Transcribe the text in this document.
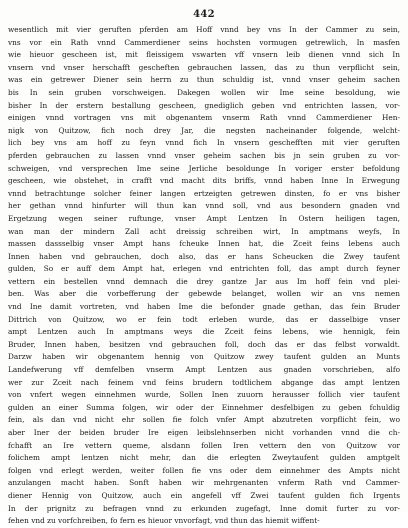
442
wesentlich mit vier geruften pferden am Hoff vnnd bey vns In der Cammer zu sein,
vns vor ein Rath vnnd Cammerdiener seins hochsten vormugen getrewlich, In masfen
wie hieuor gescheen ist, mit fleissigem vswarten vff vnsern leib dienen vnnd sich In
vnsern vnd vnser herschafft gescheften gebrauchen lassen, das zu thun verpflicht sein,
was ein getrewer Diener sein herrn zu thun schuldig ist, vnnd vnser geheim sachen
bis In sein gruben vorschweigen. Dakegen wollen wir Ime seine besoldung, wie
bisher In der erstern bestallung gescheen, gnediglich geben vnd entrichten lassen, vor-
einigen vnnd vortragen vns mit obgenantem vnserm Rath vnnd Cammerdiener Hen-
nigk von Quitzow, fich noch drey Jar, die negsten nacheinander folgende, welcht-
lich bey vns am hoff zu feyn vnnd fich In vnsern geschefften mit vier geruften
pferden gebrauchen zu lassen vnnd vnser geheim sachen bis jn sein gruben zu vor-
schweigen, vnd versprechen Ime seine Jerliche besoldunge In voriger erster befoldung
gescheen, wie obstehet, in crafft vnd macht dits briffs, vnnd haben Inne In Erwegung
vnnd betrachtunge solcher feiner langen ertzeigten getrewen dinsten, fo er vns bisher
her gethan vnnd hinfurter will thun kan vnnd soll, vnd aus besondern gnaden vnd
Ergetzung wegen seiner ruftunge, vnser Ampt Lentzen In Ostern heiligen tagen,
wan man der mindern Zall acht dreissig schreiben wirt, In amptmans weyfs, In
massen dassselbig vnser Ampt hans fcheuke Innen hat, die Zceit feins lebens auch
Innen haben vnd gebrauchen, doch also, das er hans Scheucken die Zwey taufent
gulden, So er auff dem Ampt hat, erlegen vnd entrichten foll, das ampt durch feyner
vettern ein bestellen vnnd demnach die drey gantze Jar aus Im hoff fein vnd plei-
ben. Was aber die vorbefferung der gebewde belanget, wollen wir an vns nemen
vnd Ine damit vortreten, vnd haben Ime die befonder gnade gethan, das fein Bruder
Dittrich von Quitzow, wo er fein todt erleben wurde, das er dasselbige vnser
ampt Lentzen auch In amptmans weys die Zceit feins lebens, wie hennigk, fein
Bruder, Innen haben, besitzen vnd gebrauchen foll, doch das er das felbst vorwaldt.
Darzw haben wir obgenantem hennig von Quitzow zwey taufent gulden an Munts
Landefwerung vff demfelben vnserm Ampt Lentzen aus gnaden vorschrieben, alfo
wer zur Zceit nach feinem vnd feins brudern todtlichem abgange das ampt lentzen
von vnfert wegen einnehmen wurde, Sollen Inen zuuorn herausser follich vier taufent
gulden an einer Summa folgen, wir oder der Einnehmer desfelbigen zu geben fchuldig
fein, als dan vnd nicht ehr sollen fie folch vnfer Ampt abzutreten vorpflicht fein, wo
aber Iner der beiden bruder Ire eigen leibslehnserben nicht vorhanden vnnd die ch-
fchafft an Ire vettern queme, alsdann follen Iren vettern den von Quitzow vor
folichem ampt lentzen nicht mehr, dan die erlegten Zweytaufent gulden amptgelt
folgen vnd erlegt werden, weiter follen fie vns oder dem einnehmer des Ampts nicht
anzulangen macht haben. Sonft haben wir mehrgenanten vnferm Rath vnd Cammer-
diener Hennig von Quitzow, auch ein angefell vff Zwei taufent gulden fich Irgents
In der prignitz zu befragen vnnd zu erkunden zugefagt, Inne domit furter zu vor-
fehen vnd zu vorfchreiben, fo fern es hieuor vnvorfagt, vnd thun das hiemit wiffent-
